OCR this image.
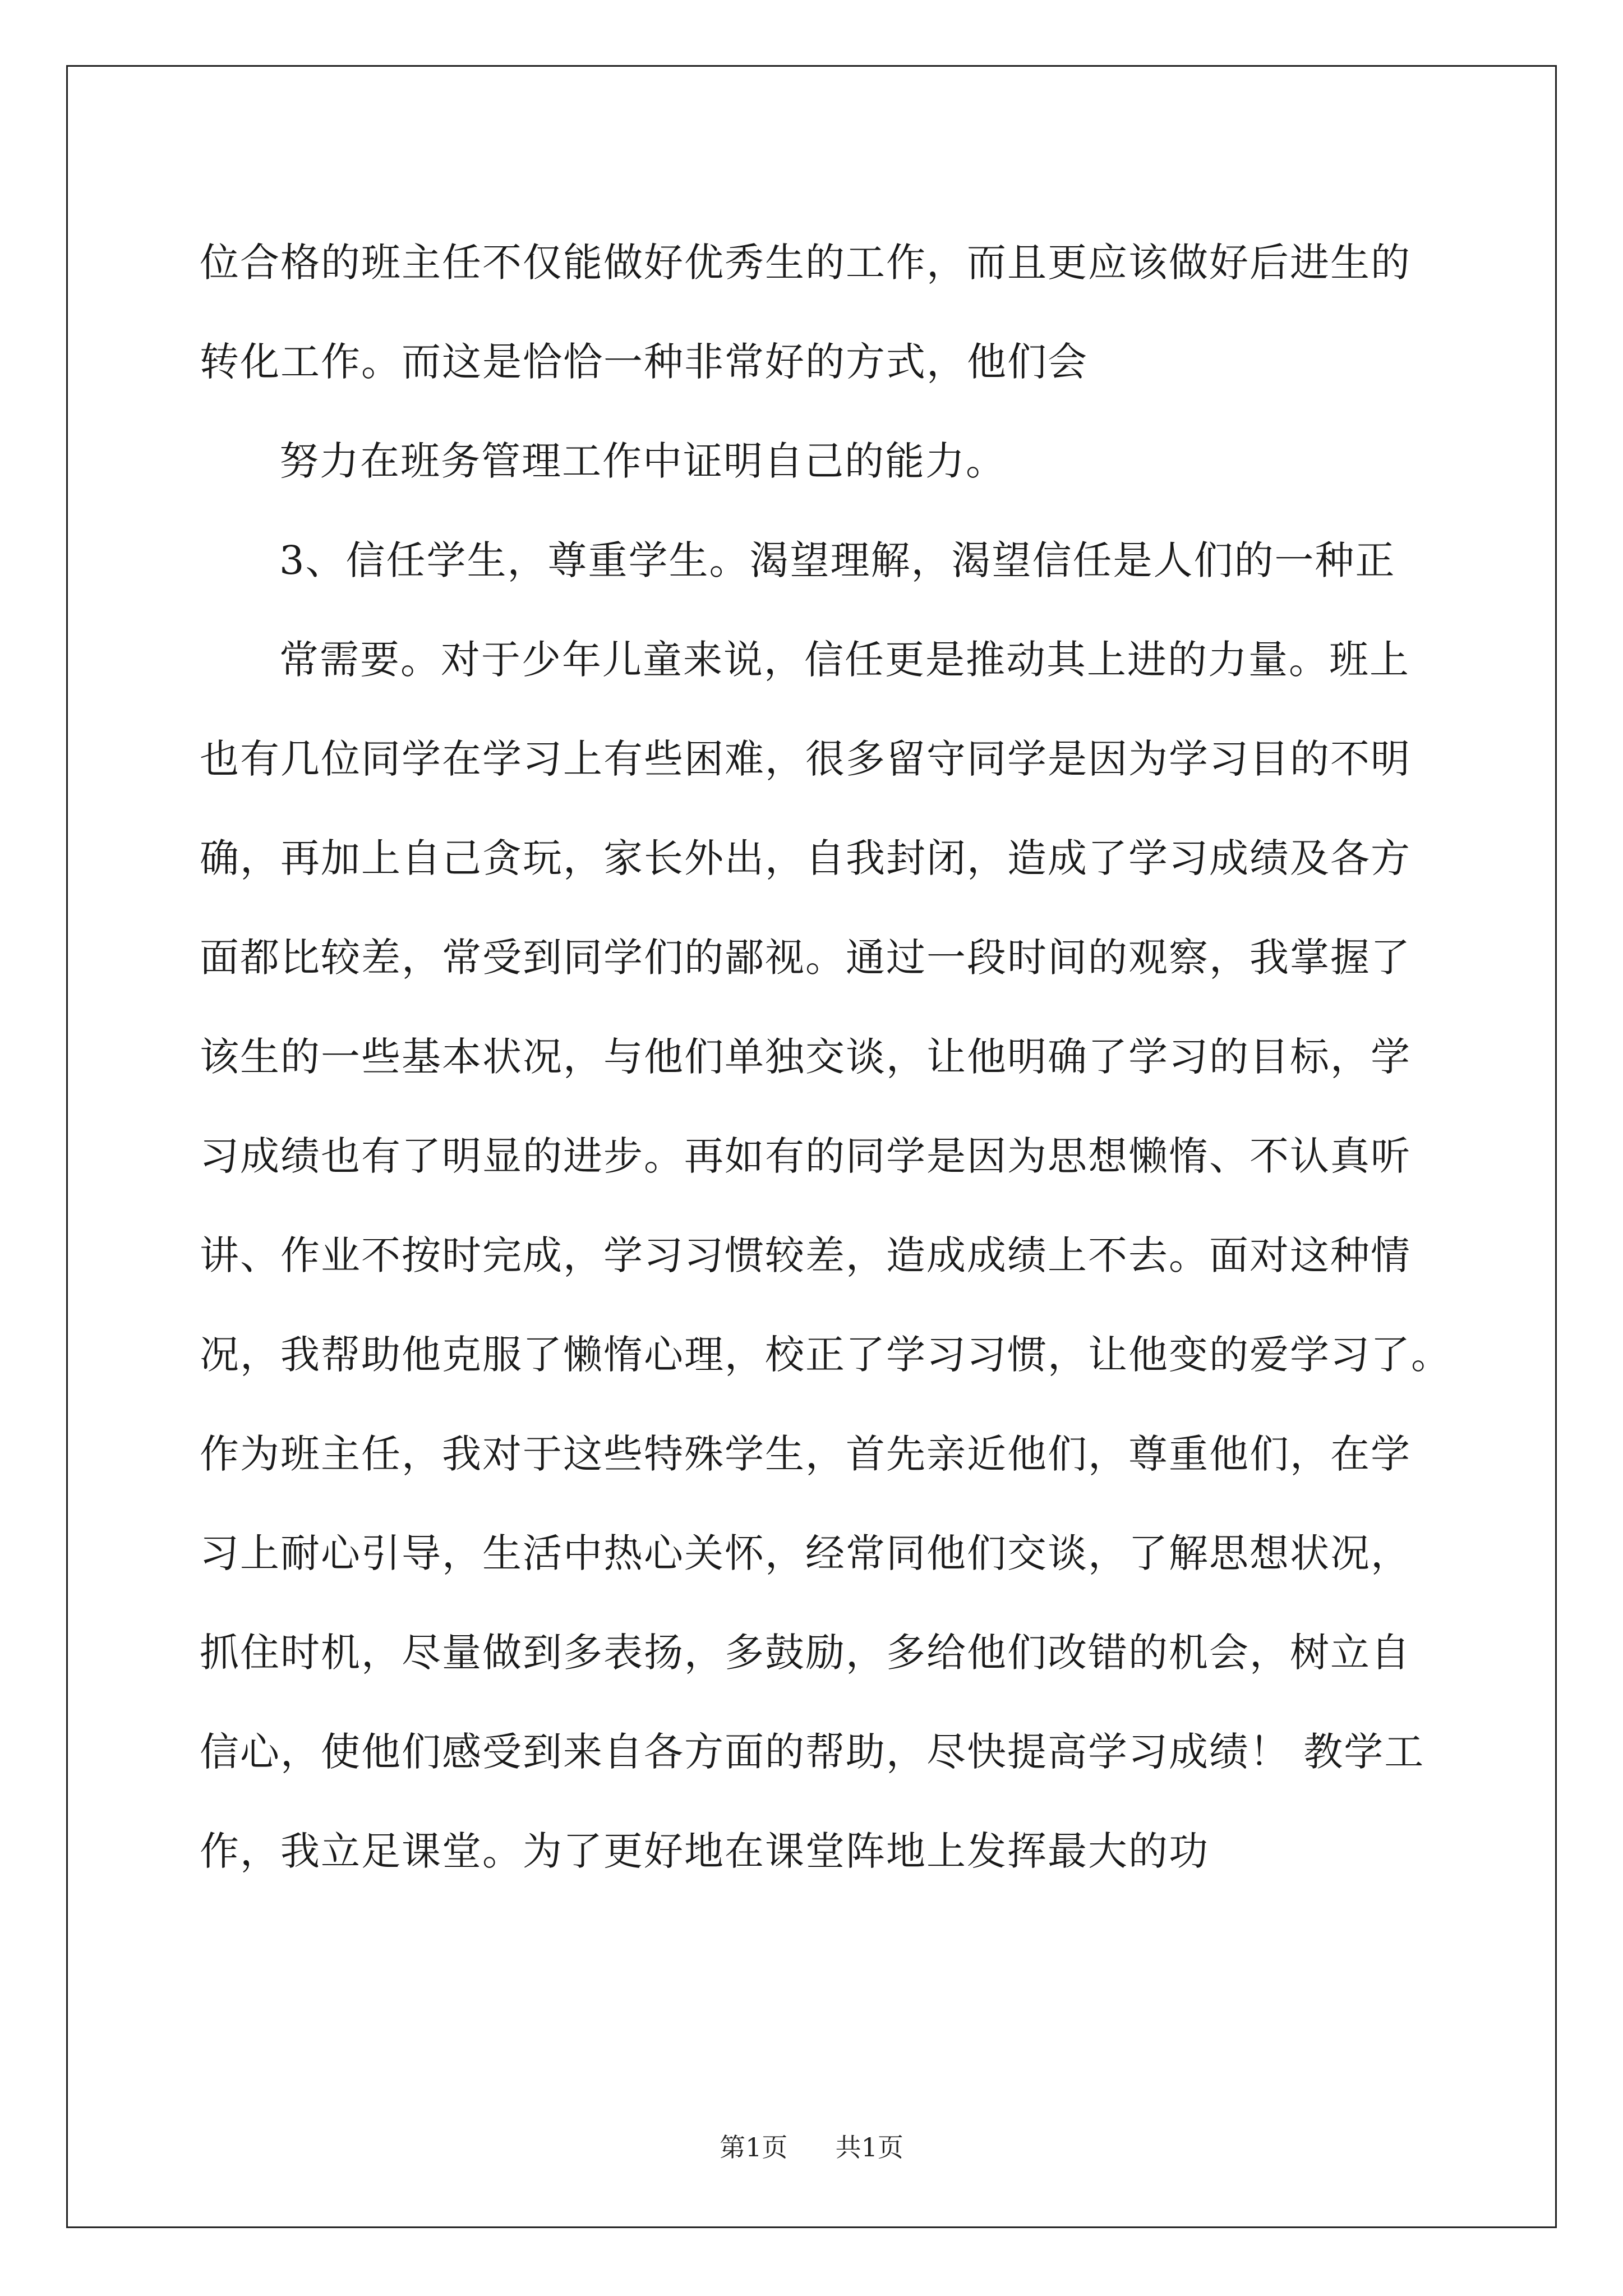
位合格的班主任不仅能做好优秀生的工作，而且更应该做好后进生的
转化工作。而这是恰恰一种非常好的方式，他们会
努力在班务管理工作中证明自己的能力。
3、信任学生，尊重学生。渴望理解，渴望信任是人们的一种正
常需要。对于少年儿童来说，信任更是推动其上进的力量。班上
也有几位同学在学习上有些困难，很多留守同学是因为学习目的不明
确，再加上自己贪玩，家长外出，自我封闭，造成了学习成绩及各方
面都比较差，常受到同学们的鄙视。通过一段时间的观察，我掌握了
该生的一些基本状况，与他们单独交谈，让他明确了学习的目标，学
习成绩也有了明显的进步。再如有的同学是因为思想懒惰、不认真听
讲、作业不按时完成，学习习惯较差，造成成绩上不去。面对这种情
况，我帮助他克服了懒惰心理，校正了学习习惯，让他变的爱学习了。
作为班主任，我对于这些特殊学生，首先亲近他们，尊重他们，在学
习上耐心引导，生活中热心关怀，经常同他们交谈，了解思想状况，
抓住时机，尽量做到多表扬，多鼓励，多给他们改错的机会，树立自
信心，使他们感受到来自各方面的帮助，尽快提高学习成绩！ 教学工
作，我立足课堂。为了更好地在课堂阵地上发挥最大的功
第1页 共1页
